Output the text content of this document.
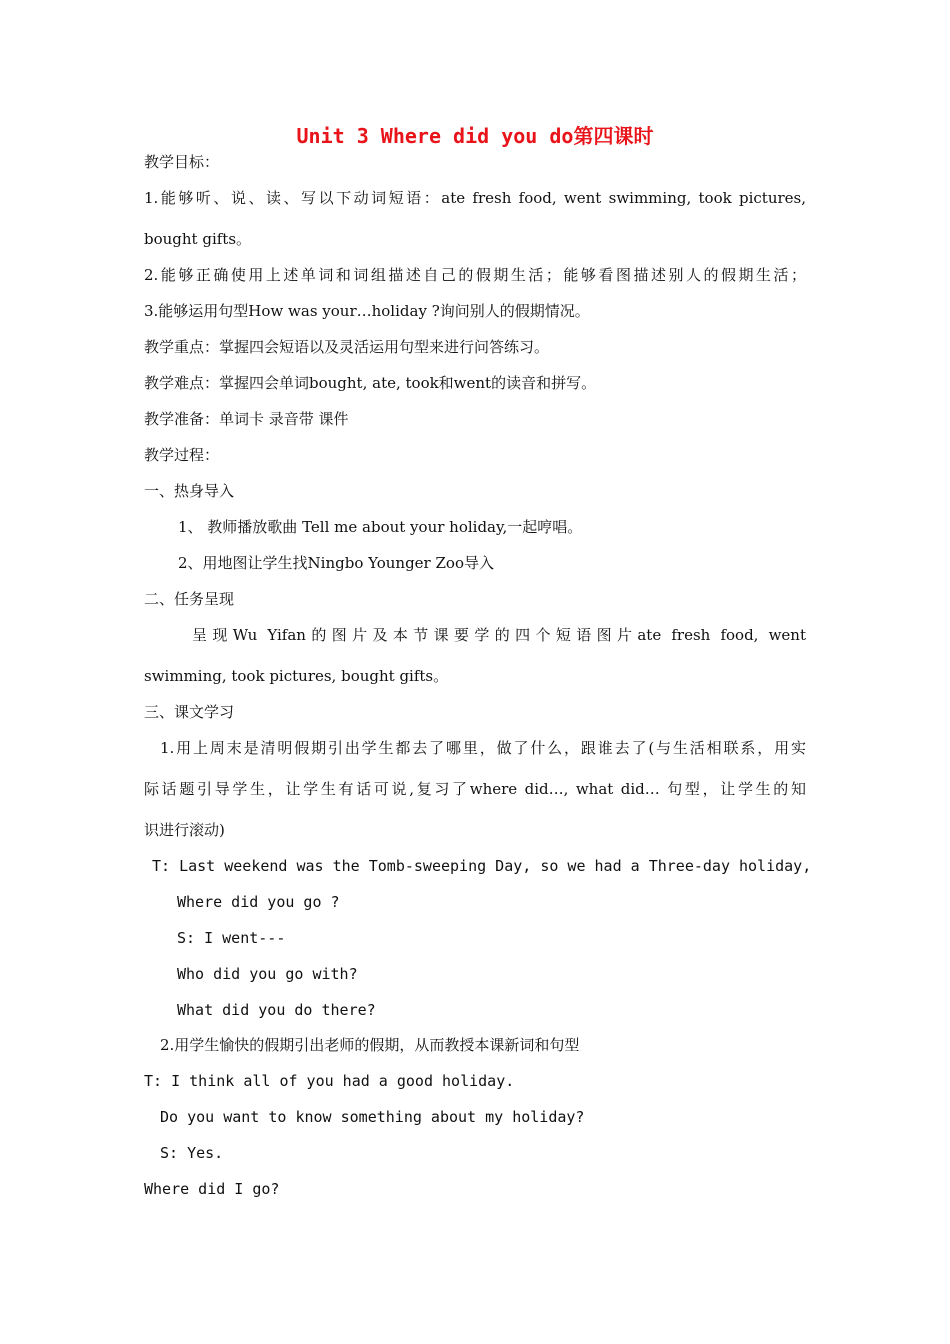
Unit 3 Where did you do第四课时
教学目标：
1.能够听、说、读、写以下动词短语：ate fresh food, went swimming, took pictures,
bought gifts。
2.能够正确使用上述单词和词组描述自己的假期生活；能够看图描述别人的假期生活；
3.能够运用句型How was your…holiday ?询问别人的假期情况。
教学重点：掌握四会短语以及灵活运用句型来进行问答练习。
教学难点：掌握四会单词bought, ate, took和went的读音和拼写。
教学准备：单词卡 录音带 课件
教学过程：
一、热身导入
1、 教师播放歌曲 Tell me about your holiday,一起哼唱。
2、用地图让学生找Ningbo Younger Zoo导入
二、任务呈现
呈现Wu Yifan的图片及本节课要学的四个短语图片ate fresh food, went
swimming, took pictures, bought gifts。
三、课文学习
1.用上周末是清明假期引出学生都去了哪里，做了什么，跟谁去了(与生活相联系，用实
际话题引导学生，让学生有话可说,复习了where did…, what did… 句型，让学生的知
识进行滚动)
T: Last weekend was the Tomb-sweeping Day, so we had a Three-day holiday,
Where did you go ?
S: I went---
Who did you go with?
What did you do there?
2.用学生愉快的假期引出老师的假期，从而教授本课新词和句型
T: I think all of you had a good holiday.
Do you want to know something about my holiday?
S: Yes.
Where did I go?
